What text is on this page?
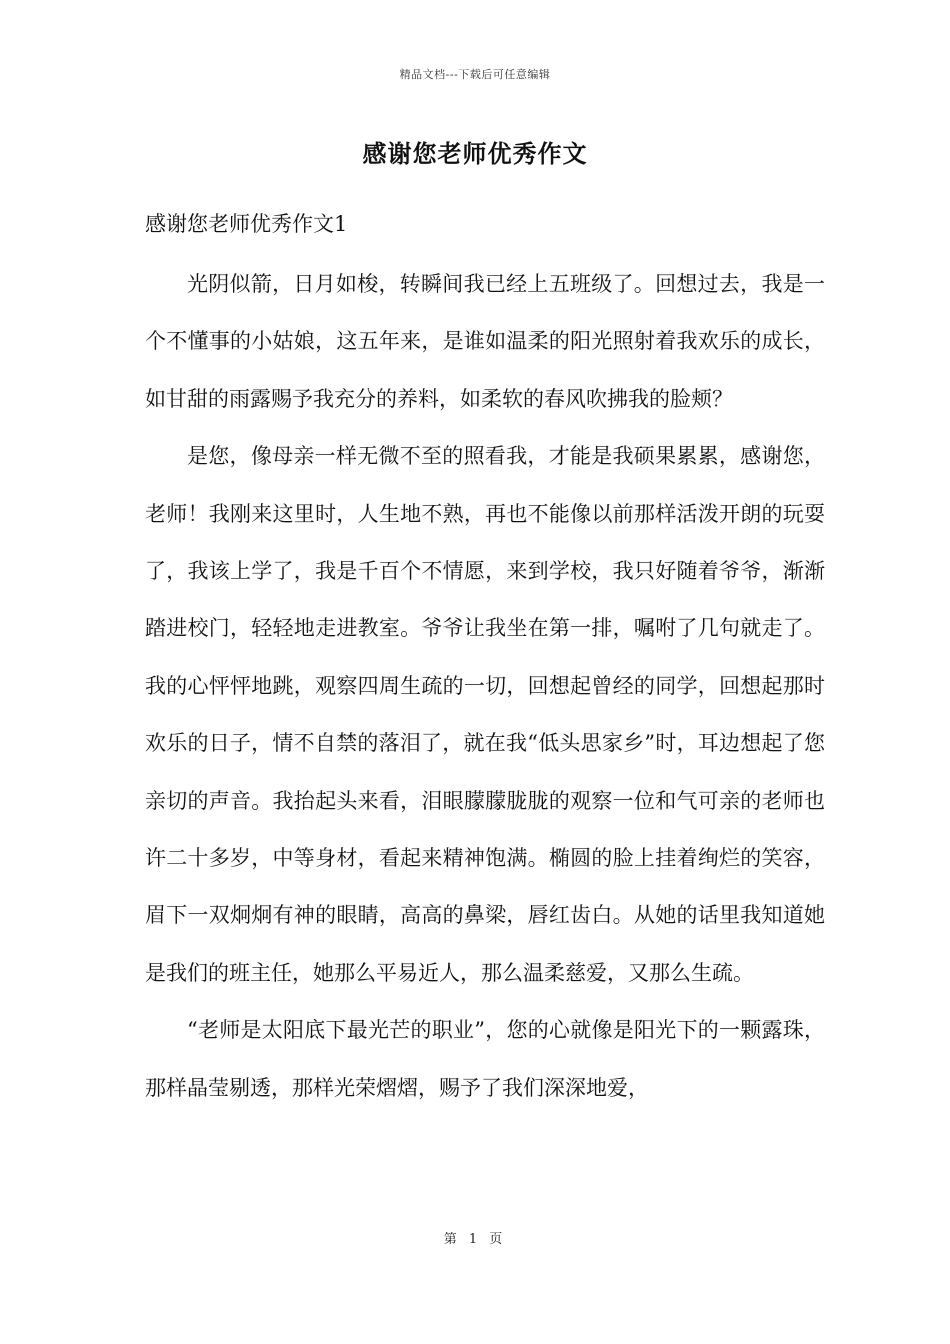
精品文档---下载后可任意编辑
感谢您老师优秀作文
感谢您老师优秀作文1

光阴似箭，日月如梭，转瞬间我已经上五班级了。回想过去，我是一个不懂事的小姑娘，这五年来，是谁如温柔的阳光照射着我欢乐的成长，如甘甜的雨露赐予我充分的养料，如柔软的春风吹拂我的脸颊？

是您，像母亲一样无微不至的照看我，才能是我硕果累累，感谢您，老师！我刚来这里时，人生地不熟，再也不能像以前那样活泼开朗的玩耍了，我该上学了，我是千百个不情愿，来到学校，我只好随着爷爷，渐渐踏进校门，轻轻地走进教室。爷爷让我坐在第一排，嘱咐了几句就走了。我的心怦怦地跳，观察四周生疏的一切，回想起曾经的同学，回想起那时欢乐的日子，情不自禁的落泪了，就在我“低头思家乡”时，耳边想起了您亲切的声音。我抬起头来看，泪眼朦朦胧胧的观察一位和气可亲的老师也许二十多岁，中等身材，看起来精神饱满。椭圆的脸上挂着绚烂的笑容，眉下一双炯炯有神的眼睛，高高的鼻梁，唇红齿白。从她的话里我知道她是我们的班主任，她那么平易近人，那么温柔慈爱，又那么生疏。

“老师是太阳底下最光芒的职业”，您的心就像是阳光下的一颗露珠，那样晶莹剔透，那样光荣熠熠，赐予了我们深深地爱，

第 1 页
